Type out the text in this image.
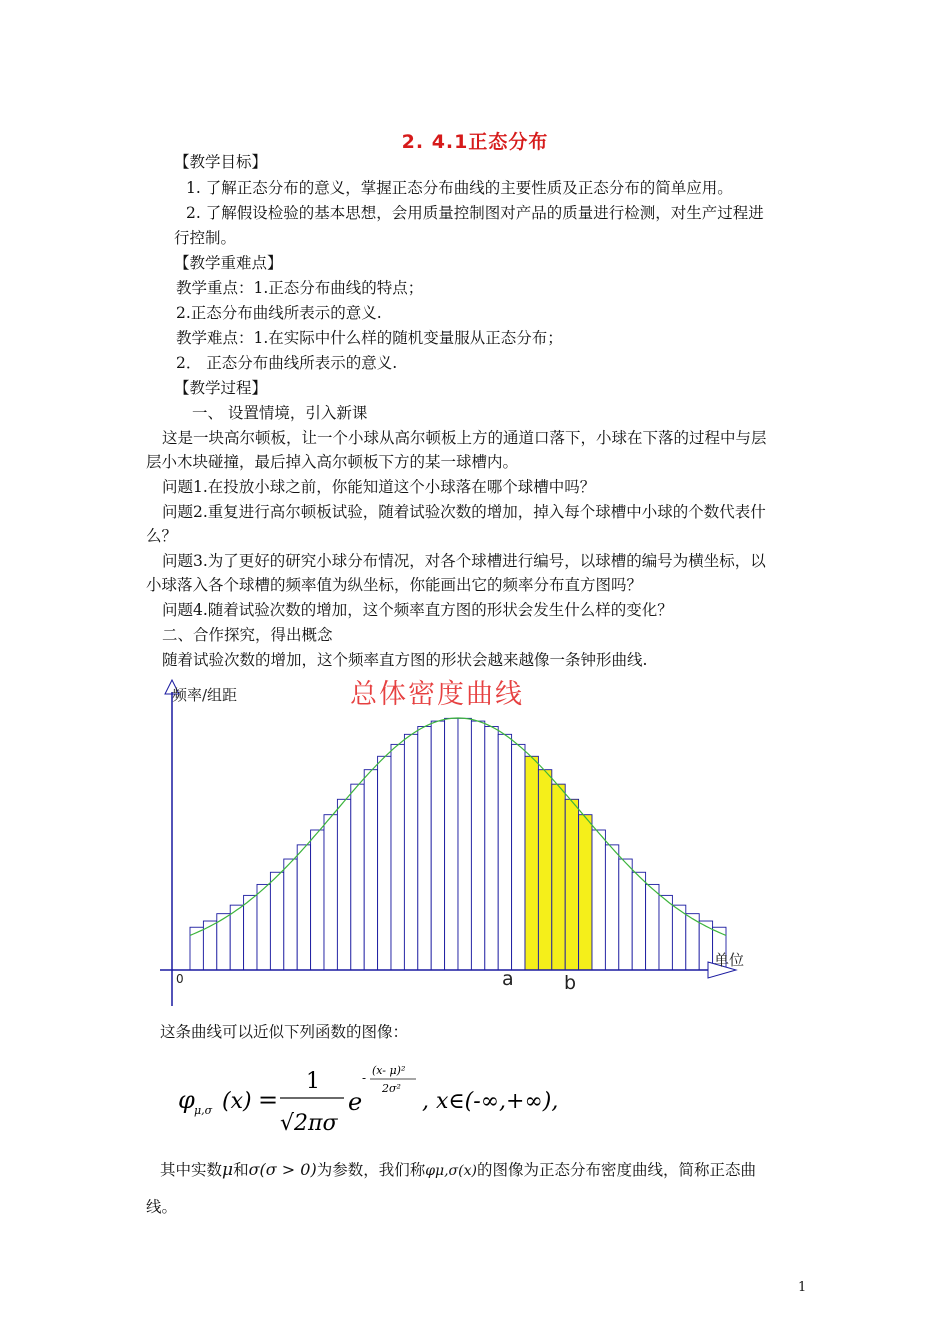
2. 4.1正态分布
【教学目标】
1. 了解正态分布的意义，掌握正态分布曲线的主要性质及正态分布的简单应用。
2. 了解假设检验的基本思想，会用质量控制图对产品的质量进行检测，对生产过程进
行控制。
【教学重难点】
教学重点：1.正态分布曲线的特点；
2.正态分布曲线所表示的意义.
教学难点：1.在实际中什么样的随机变量服从正态分布；
2． 正态分布曲线所表示的意义.
【教学过程】
一、 设置情境，引入新课
这是一块高尔顿板，让一个小球从高尔顿板上方的通道口落下，小球在下落的过程中与层
层小木块碰撞，最后掉入高尔顿板下方的某一球槽内。
问题1.在投放小球之前，你能知道这个小球落在哪个球槽中吗？
问题2.重复进行高尔顿板试验，随着试验次数的增加，掉入每个球槽中小球的个数代表什
么？
问题3.为了更好的研究小球分布情况，对各个球槽进行编号，以球槽的编号为横坐标，以
小球落入各个球槽的频率值为纵坐标，你能画出它的频率分布直方图吗？
问题4.随着试验次数的增加，这个频率直方图的形状会发生什么样的变化？
二、合作探究，得出概念
随着试验次数的增加，这个频率直方图的形状会越来越像一条钟形曲线.
总体密度曲线
频率/组距
单位
0	a	b
这条曲线可以近似下列函数的图像：
φ μ,σ (x) =
1
√2πσ
e
-
(x- μ)²
2σ²
, x∈(-∞,+∞),
其中实数μ和σ(σ > 0)为参数，我们称φμ,σ(x)的图像为正态分布密度曲线，简称正态曲
线。
1
